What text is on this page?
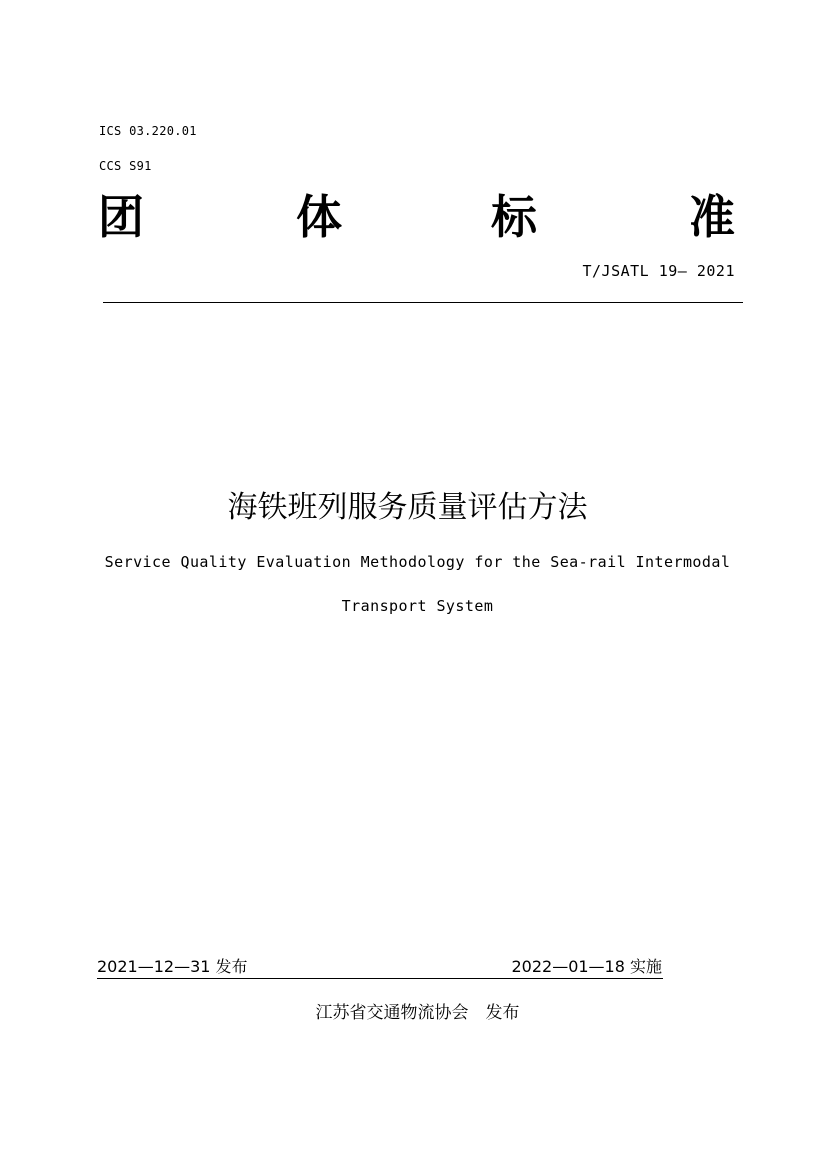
ICS 03.220.01
CCS S91
团	体	标	准
T/JSATL 19— 2021
海铁班列服务质量评估方法
Service Quality Evaluation Methodology for the Sea-rail Intermodal
Transport System
2021—12—31 发布	2022—01—18 实施
江苏省交通物流协会　发布
